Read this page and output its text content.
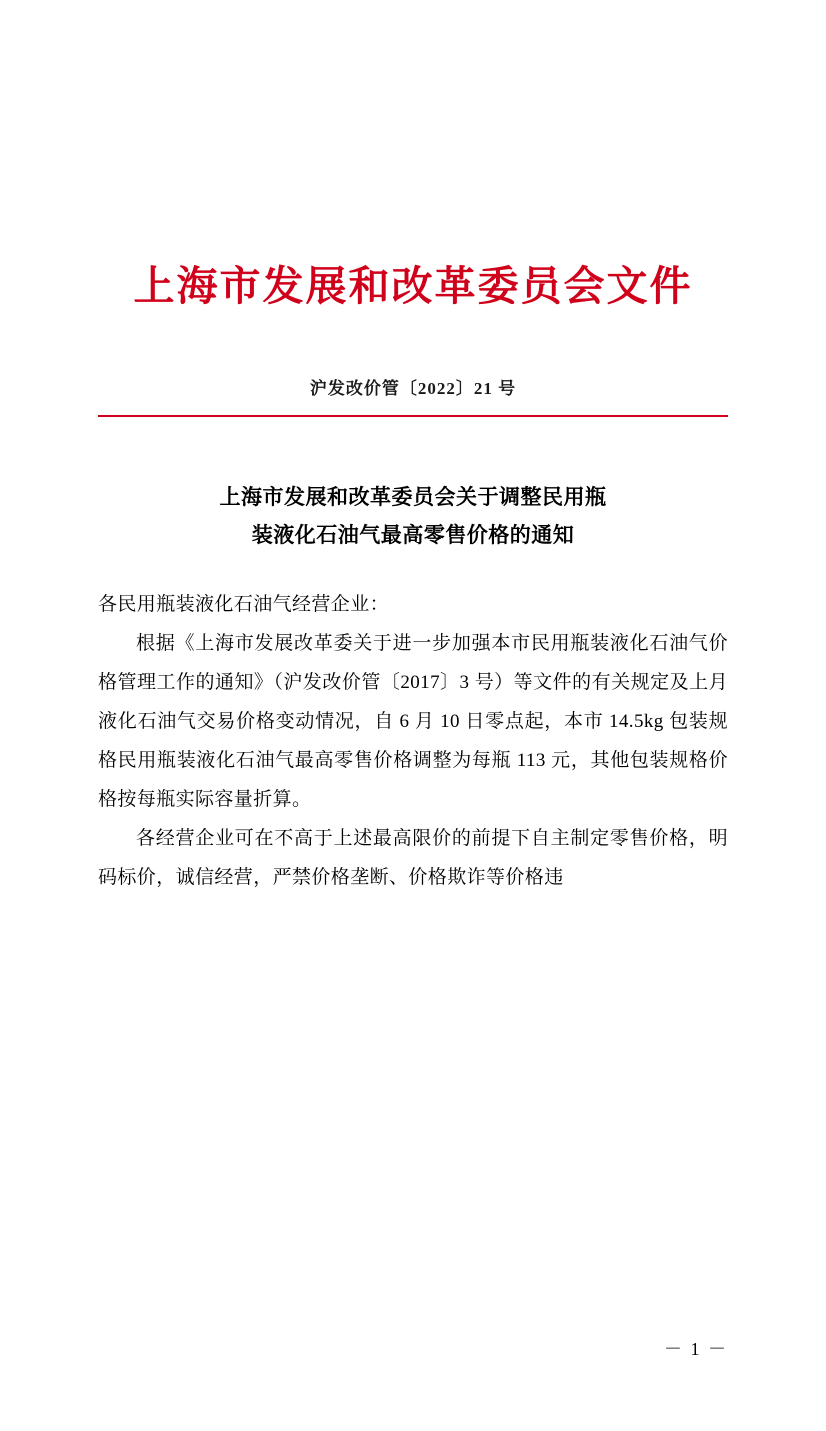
上海市发展和改革委员会文件
沪发改价管〔2022〕21 号
上海市发展和改革委员会关于调整民用瓶
装液化石油气最高零售价格的通知

各民用瓶装液化石油气经营企业：

根据《上海市发展改革委关于进一步加强本市民用瓶装液化石油气价格管理工作的通知》（沪发改价管〔2017〕3 号）等文件的有关规定及上月液化石油气交易价格变动情况，自 6 月 10 日零点起，本市 14.5kg 包装规格民用瓶装液化石油气最高零售价格调整为每瓶 113 元，其他包装规格价格按每瓶实际容量折算。

各经营企业可在不高于上述最高限价的前提下自主制定零售价格，明码标价，诚信经营，严禁价格垄断、价格欺诈等价格违

－ 1 －
